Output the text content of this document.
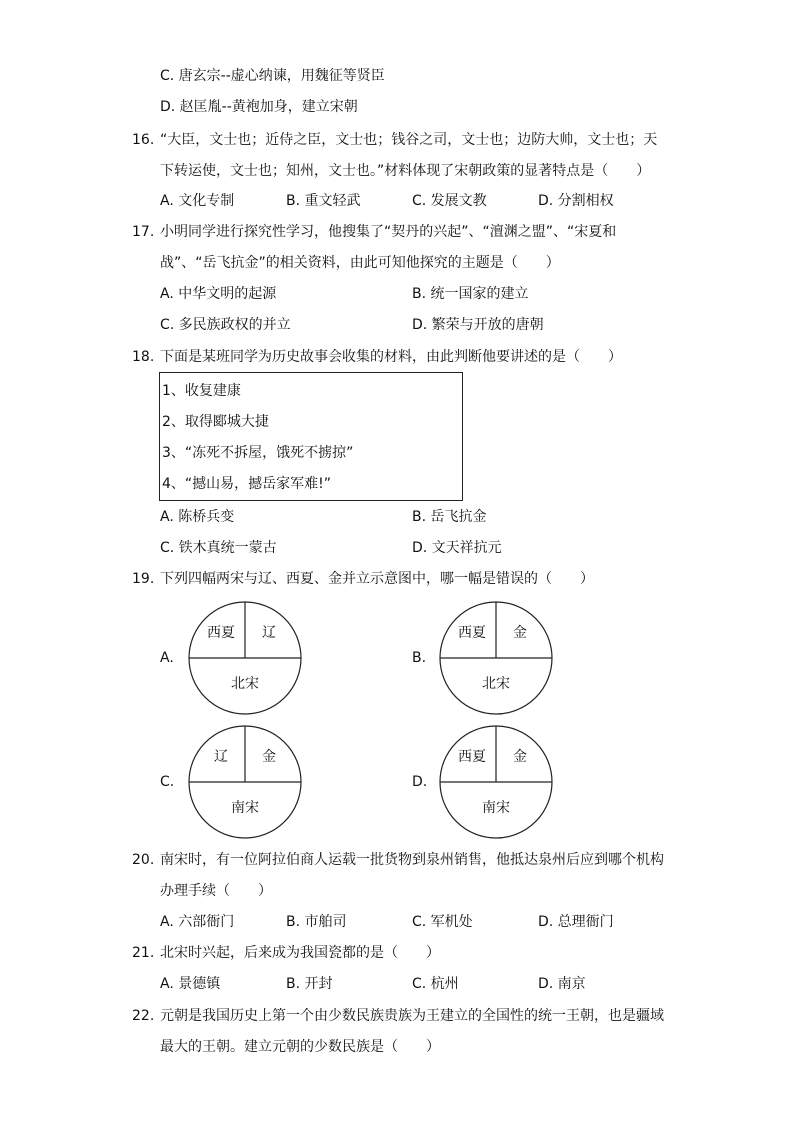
C. 唐玄宗--虚心纳谏，用魏征等贤臣
D. 赵匡胤--黄袍加身，建立宋朝
16. “大臣，文士也；近侍之臣，文士也；钱谷之司，文士也；边防大帅，文士也；天
下转运使，文士也；知州，文士也。”材料体现了宋朝政策的显著特点是（　　）
A. 文化专制	B. 重文轻武	C. 发展文教	D. 分割相权
17. 小明同学进行探究性学习，他搜集了“契丹的兴起”、“澶渊之盟”、“宋夏和
战”、“岳飞抗金”的相关资料，由此可知他探究的主题是（　　）
A. 中华文明的起源	B. 统一国家的建立
C. 多民族政权的并立	D. 繁荣与开放的唐朝
18. 下面是某班同学为历史故事会收集的材料，由此判断他要讲述的是（　　）
1、收复建康
2、取得郾城大捷
3、“冻死不拆屋，饿死不掳掠”
4、“撼山易，撼岳家军难!”
A. 陈桥兵变	B. 岳飞抗金
C. 铁木真统一蒙古	D. 文天祥抗元
19. 下列四幅两宋与辽、西夏、金并立示意图中，哪一幅是错误的（　　）
A.
西夏 辽
北宋
B.
西夏 金
北宋
C.
辽 金
南宋
D.
西夏 金
南宋
20. 南宋时，有一位阿拉伯商人运载一批货物到泉州销售，他抵达泉州后应到哪个机构
办理手续（　　）
A. 六部衙门	B. 市舶司	C. 军机处	D. 总理衙门
21. 北宋时兴起，后来成为我国瓷都的是（　　）
A. 景德镇	B. 开封	C. 杭州	D. 南京
22. 元朝是我国历史上第一个由少数民族贵族为王建立的全国性的统一王朝，也是疆域
最大的王朝。建立元朝的少数民族是（　　）
